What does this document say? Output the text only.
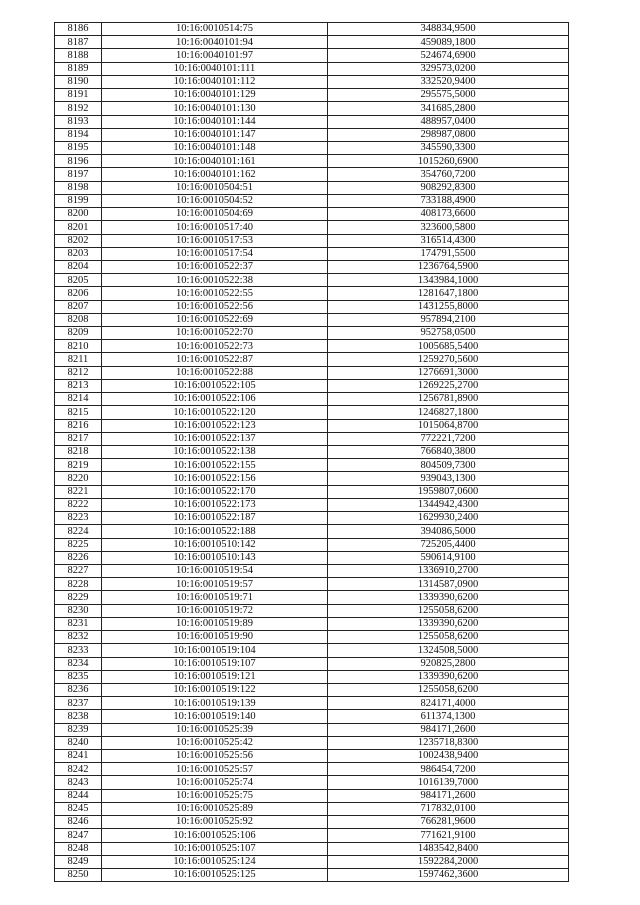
8186	10:16:0010514:75	348834,9500
8187	10:16:0040101:94	459089,1800
8188	10:16:0040101:97	524674,6900
8189	10:16:0040101:111	329573,0200
8190	10:16:0040101:112	332520,9400
8191	10:16:0040101:129	295575,5000
8192	10:16:0040101:130	341685,2800
8193	10:16:0040101:144	488957,0400
8194	10:16:0040101:147	298987,0800
8195	10:16:0040101:148	345590,3300
8196	10:16:0040101:161	1015260,6900
8197	10:16:0040101:162	354760,7200
8198	10:16:0010504:51	908292,8300
8199	10:16:0010504:52	733188,4900
8200	10:16:0010504:69	408173,6600
8201	10:16:0010517:40	323600,5800
8202	10:16:0010517:53	316514,4300
8203	10:16:0010517:54	174791,5500
8204	10:16:0010522:37	1236764,5900
8205	10:16:0010522:38	1343984,1000
8206	10:16:0010522:55	1281647,1800
8207	10:16:0010522:56	1431255,8000
8208	10:16:0010522:69	957894,2100
8209	10:16:0010522:70	952758,0500
8210	10:16:0010522:73	1005685,5400
8211	10:16:0010522:87	1259270,5600
8212	10:16:0010522:88	1276691,3000
8213	10:16:0010522:105	1269225,2700
8214	10:16:0010522:106	1256781,8900
8215	10:16:0010522:120	1246827,1800
8216	10:16:0010522:123	1015064,8700
8217	10:16:0010522:137	772221,7200
8218	10:16:0010522:138	766840,3800
8219	10:16:0010522:155	804509,7300
8220	10:16:0010522:156	939043,1300
8221	10:16:0010522:170	1959807,0600
8222	10:16:0010522:173	1344942,4300
8223	10:16:0010522:187	1629930,2400
8224	10:16:0010522:188	394086,5000
8225	10:16:0010510:142	725205,4400
8226	10:16:0010510:143	590614,9100
8227	10:16:0010519:54	1336910,2700
8228	10:16:0010519:57	1314587,0900
8229	10:16:0010519:71	1339390,6200
8230	10:16:0010519:72	1255058,6200
8231	10:16:0010519:89	1339390,6200
8232	10:16:0010519:90	1255058,6200
8233	10:16:0010519:104	1324508,5000
8234	10:16:0010519:107	920825,2800
8235	10:16:0010519:121	1339390,6200
8236	10:16:0010519:122	1255058,6200
8237	10:16:0010519:139	824171,4000
8238	10:16:0010519:140	611374,1300
8239	10:16:0010525:39	984171,2600
8240	10:16:0010525:42	1235718,8300
8241	10:16:0010525:56	1002438,9400
8242	10:16:0010525:57	986454,7200
8243	10:16:0010525:74	1016139,7000
8244	10:16:0010525:75	984171,2600
8245	10:16:0010525:89	717832,0100
8246	10:16:0010525:92	766281,9600
8247	10:16:0010525:106	771621,9100
8248	10:16:0010525:107	1483542,8400
8249	10:16:0010525:124	1592284,2000
8250	10:16:0010525:125	1597462,3600
